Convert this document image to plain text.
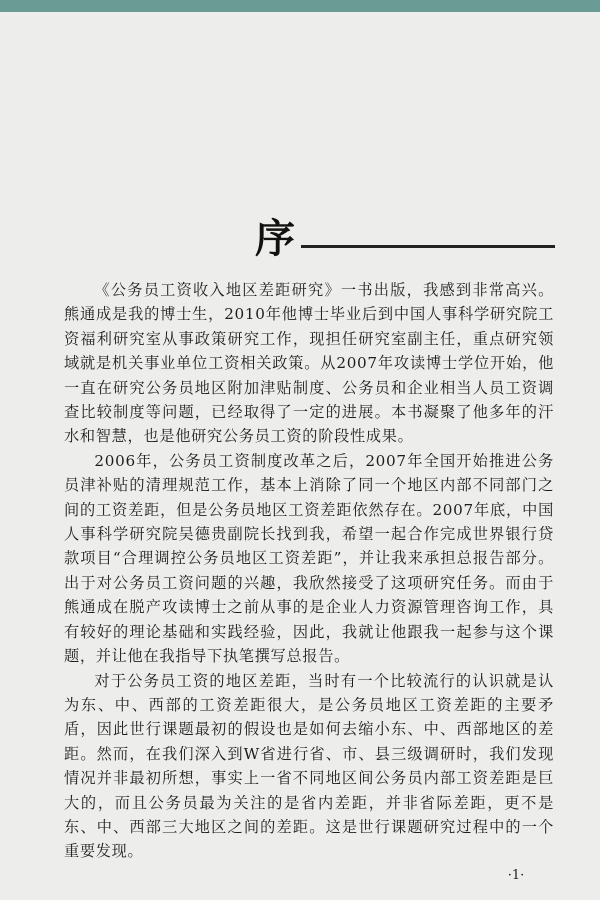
序

《公务员工资收入地区差距研究》一书出版，我感到非常高兴。熊通成是我的博士生，2010年他博士毕业后到中国人事科学研究院工资福利研究室从事政策研究工作，现担任研究室副主任，重点研究领域就是机关事业单位工资相关政策。从2007年攻读博士学位开始，他一直在研究公务员地区附加津贴制度、公务员和企业相当人员工资调查比较制度等问题，已经取得了一定的进展。本书凝聚了他多年的汗水和智慧，也是他研究公务员工资的阶段性成果。

2006年，公务员工资制度改革之后，2007年全国开始推进公务员津补贴的清理规范工作，基本上消除了同一个地区内部不同部门之间的工资差距，但是公务员地区工资差距依然存在。2007年底，中国人事科学研究院吴德贵副院长找到我，希望一起合作完成世界银行贷款项目“合理调控公务员地区工资差距”，并让我来承担总报告部分。出于对公务员工资问题的兴趣，我欣然接受了这项研究任务。而由于熊通成在脱产攻读博士之前从事的是企业人力资源管理咨询工作，具有较好的理论基础和实践经验，因此，我就让他跟我一起参与这个课题，并让他在我指导下执笔撰写总报告。

对于公务员工资的地区差距，当时有一个比较流行的认识就是认为东、中、西部的工资差距很大，是公务员地区工资差距的主要矛盾，因此世行课题最初的假设也是如何去缩小东、中、西部地区的差距。然而，在我们深入到W省进行省、市、县三级调研时，我们发现情况并非最初所想，事实上一省不同地区间公务员内部工资差距是巨大的，而且公务员最为关注的是省内差距，并非省际差距，更不是东、中、西部三大地区之间的差距。这是世行课题研究过程中的一个重要发现。

·1·
